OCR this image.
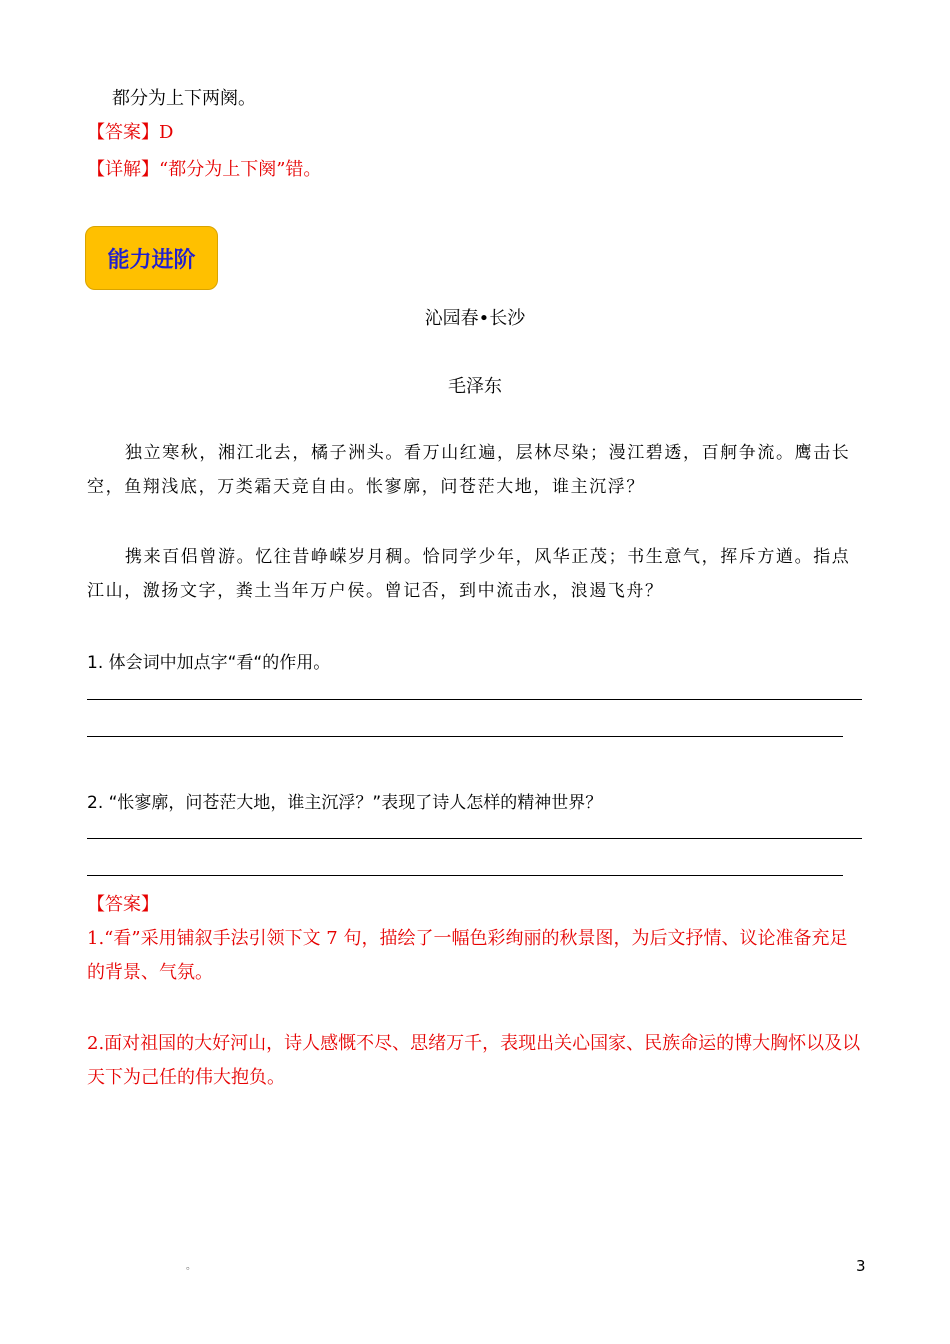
都分为上下两阕。
【答案】D
【详解】“都分为上下阕”错。
能力进阶
沁园春•长沙
毛泽东

独立寒秋，湘江北去，橘子洲头。看万山红遍，层林尽染；漫江碧透，百舸争流。鹰击长空，鱼翔浅底，万类霜天竞自由。怅寥廓，问苍茫大地，谁主沉浮？

携来百侣曾游。忆往昔峥嵘岁月稠。恰同学少年，风华正茂；书生意气，挥斥方遒。指点江山，激扬文字，粪土当年万户侯。曾记否，到中流击水，浪遏飞舟？

1. 体会词中加点字“看“的作用。
2. “怅寥廓，问苍茫大地，谁主沉浮？”表现了诗人怎样的精神世界？
【答案】

1.“看”采用铺叙手法引领下文 7 句，描绘了一幅色彩绚丽的秋景图，为后文抒情、议论准备充足的背景、气氛。

2.面对祖国的大好河山，诗人感慨不尽、思绪万千，表现出关心国家、民族命运的博大胸怀以及以天下为己任的伟大抱负。

。	3
